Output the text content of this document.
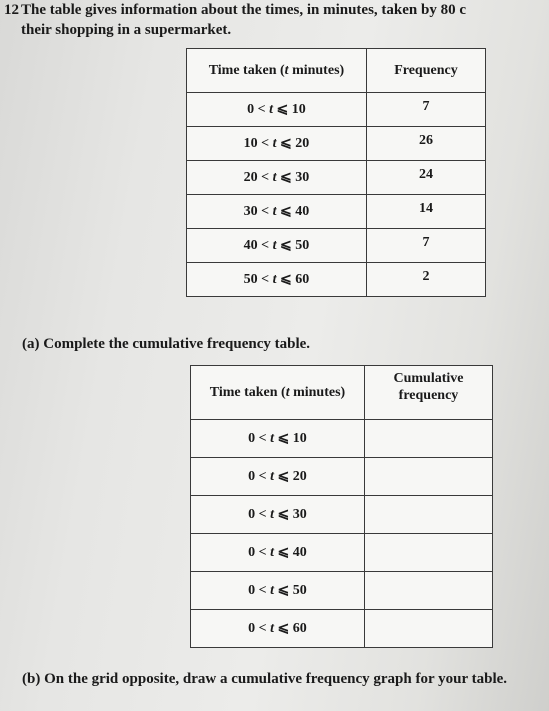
12 The table gives information about the times, in minutes, taken by 80 c
their shopping in a supermarket.
Time taken (t minutes)	Frequency
0 < t ⩽ 10	7
10 < t ⩽ 20	26
20 < t ⩽ 30	24
30 < t ⩽ 40	14
40 < t ⩽ 50	7
50 < t ⩽ 60	2
(a) Complete the cumulative frequency table.
Time taken (t minutes)	Cumulative
frequency
0 < t ⩽ 10	
0 < t ⩽ 20	
0 < t ⩽ 30	
0 < t ⩽ 40	
0 < t ⩽ 50	
0 < t ⩽ 60	
(b) On the grid opposite, draw a cumulative frequency graph for your table.
